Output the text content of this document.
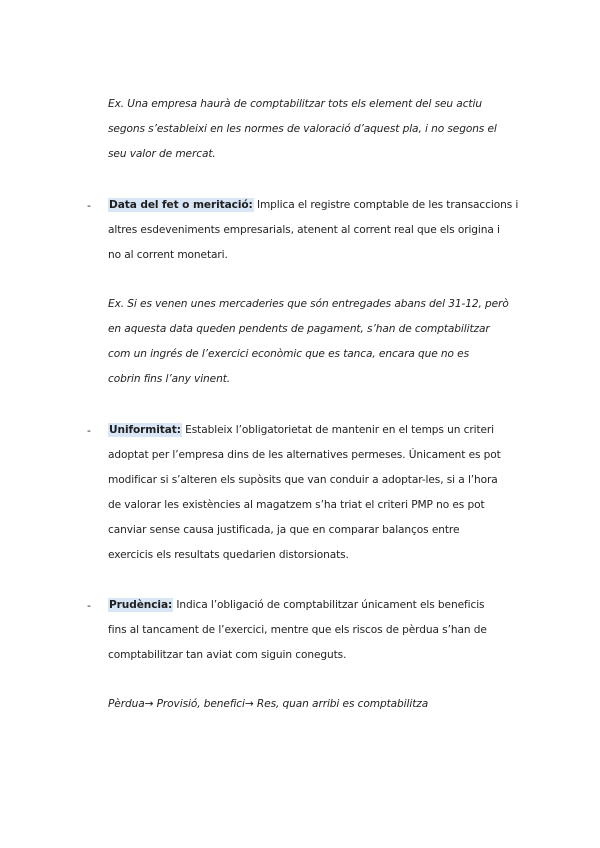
Ex. Una empresa haurà de comptabilitzar tots els element del seu actiu
segons s’estableixi en les normes de valoració d’aquest pla, i no segons el
seu valor de mercat.
- Data del fet o meritació: Implica el registre comptable de les transaccions i
altres esdeveniments empresarials, atenent al corrent real que els origina i
no al corrent monetari.
Ex. Si es venen unes mercaderies que són entregades abans del 31-12, però
en aquesta data queden pendents de pagament, s’han de comptabilitzar
com un ingrés de l’exercici econòmic que es tanca, encara que no es
cobrin fins l’any vinent.
- Uniformitat: Estableix l’obligatorietat de mantenir en el temps un criteri
adoptat per l’empresa dins de les alternatives permeses. Únicament es pot
modificar si s’alteren els supòsits que van conduir a adoptar-les, si a l’hora
de valorar les existències al magatzem s’ha triat el criteri PMP no es pot
canviar sense causa justificada, ja que en comparar balanços entre
exercicis els resultats quedarien distorsionats.
- Prudència: Indica l’obligació de comptabilitzar únicament els beneficis
fins al tancament de l’exercici, mentre que els riscos de pèrdua s’han de
comptabilitzar tan aviat com siguin coneguts.
Pèrdua→ Provisió, benefici→ Res, quan arribi es comptabilitza
